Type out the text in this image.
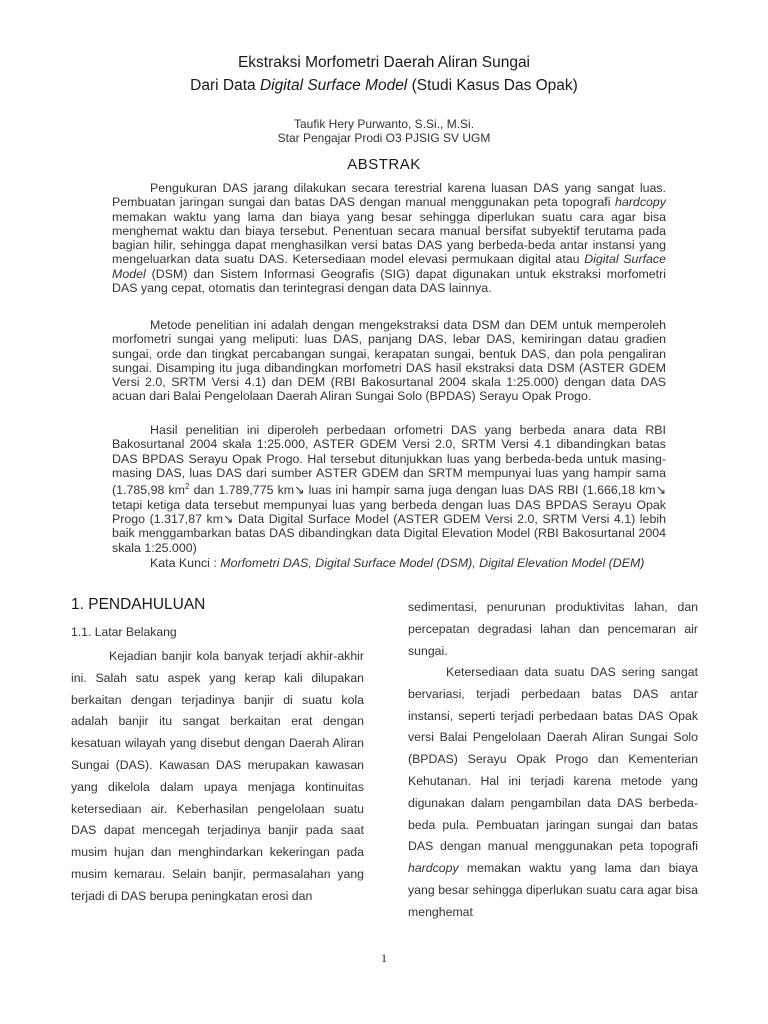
Ekstraksi Morfometri Daerah Aliran Sungai
Dari Data Digital Surface Model (Studi Kasus Das Opak)
Taufik Hery Purwanto, S.Si., M.Si.
Star Pengajar Prodi O3 PJSIG SV UGM
ABSTRAK

Pengukuran DAS jarang dilakukan secara terestrial karena luasan DAS yang sangat luas. Pembuatan jaringan sungai dan batas DAS dengan manual menggunakan peta topografi hardcopy memakan waktu yang lama dan biaya yang besar sehingga diperlukan suatu cara agar bisa menghemat waktu dan biaya tersebut. Penentuan secara manual bersifat subyektif terutama pada bagian hilir, sehingga dapat menghasilkan versi batas DAS yang berbeda-beda antar instansi yang mengeluarkan data suatu DAS. Ketersediaan model elevasi permukaan digital atau Digital Surface Model (DSM) dan Sistem Informasi Geografis (SIG) dapat digunakan untuk ekstraksi morfometri DAS yang cepat, otomatis dan terintegrasi dengan data DAS lainnya.

Metode penelitian ini adalah dengan mengekstraksi data DSM dan DEM untuk memperoleh morfometri sungai yang meliputi: luas DAS, panjang DAS, lebar DAS, kemiringan datau gradien sungai, orde dan tingkat percabangan sungai, kerapatan sungai, bentuk DAS, dan pola pengaliran sungai. Disamping itu juga dibandingkan morfometri DAS hasil ekstraksi data DSM (ASTER GDEM Versi 2.0, SRTM Versi 4.1) dan DEM (RBI Bakosurtanal 2004 skala 1:25.000) dengan data DAS acuan dari Balai Pengelolaan Daerah Aliran Sungai Solo (BPDAS) Serayu Opak Progo.

Hasil penelitian ini diperoleh perbedaan orfometri DAS yang berbeda anara data RBI Bakosurtanal 2004 skala 1:25.000, ASTER GDEM Versi 2.0, SRTM Versi 4.1 dibandingkan batas DAS BPDAS Serayu Opak Progo. Hal tersebut ditunjukkan luas yang berbeda-beda untuk masing-masing DAS, luas DAS dari sumber ASTER GDEM dan SRTM mempunyai luas yang hampir sama (1.785,98 $km^2$ dan 1.789,775 km↘ luas ini hampir sama juga dengan luas DAS RBI (1.666,18 km↘ tetapi ketiga data tersebut mempunyai luas yang berbeda dengan luas DAS BPDAS Serayu Opak Progo (1.317,87 km↘ Data Digital Surface Model (ASTER GDEM Versi 2.0, SRTM Versi 4.1) lebih baik menggambarkan batas DAS dibandingkan data Digital Elevation Model (RBI Bakosurtanal 2004 skala 1:25.000)

Kata Kunci : Morfometri DAS, Digital Surface Model (DSM), Digital Elevation Model (DEM)
1. PENDAHULUAN
1.1. Latar Belakang

Kejadian banjir kola banyak terjadi akhir-akhir ini. Salah satu aspek yang kerap kali dilupakan berkaitan dengan terjadinya banjir di suatu kola adalah banjir itu sangat berkaitan erat dengan kesatuan wilayah yang disebut dengan Daerah Aliran Sungai (DAS). Kawasan DAS merupakan kawasan yang dikelola dalam upaya menjaga kontinuitas ketersediaan air. Keberhasilan pengelolaan suatu DAS dapat mencegah terjadinya banjir pada saat musim hujan dan menghindarkan kekeringan pada musim kemarau. Selain banjir, permasalahan yang terjadi di DAS berupa peningkatan erosi dan

sedimentasi, penurunan produktivitas lahan, dan percepatan degradasi lahan dan pencemaran air sungai.

Ketersediaan data suatu DAS sering sangat bervariasi, terjadi perbedaan batas DAS antar instansi, seperti terjadi perbedaan batas DAS Opak versi Balai Pengelolaan Daerah Aliran Sungai Solo (BPDAS) Serayu Opak Progo dan Kementerian Kehutanan. Hal ini terjadi karena metode yang digunakan dalam pengambilan data DAS berbeda-beda pula. Pembuatan jaringan sungai dan batas DAS dengan manual menggunakan peta topografi hardcopy memakan waktu yang lama dan biaya yang besar sehingga diperlukan suatu cara agar bisa menghemat

1
